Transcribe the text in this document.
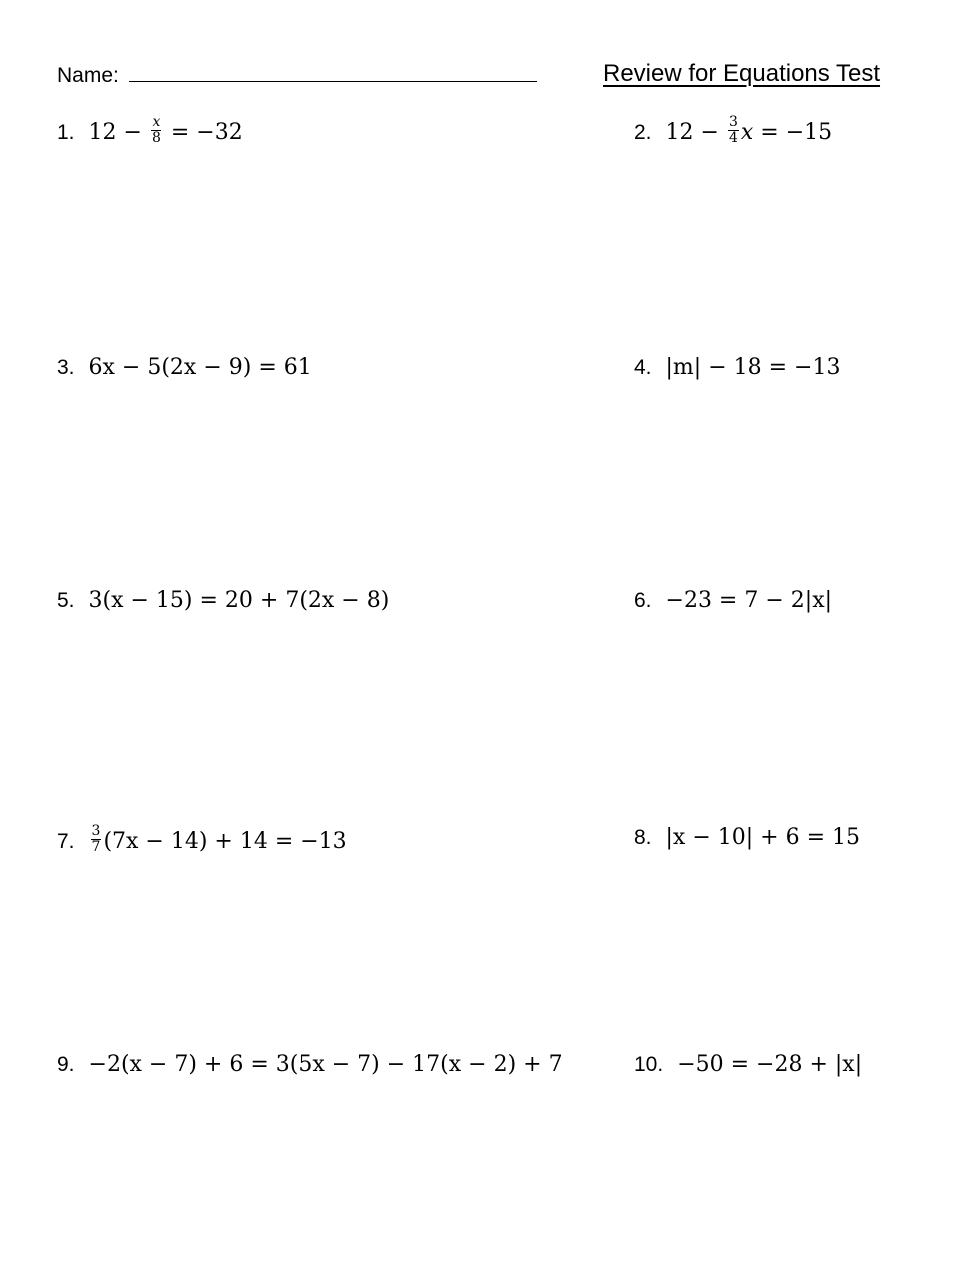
Name:	Review for Equations Test
1. $12 - \frac{x}{8} = -32$	2. $12 - \frac{3}{4}$ x = −15
3. 6x − 5(2x − 9) = 61	4. |m| − 18 = −13
5. 3(x − 15) = 20 + 7(2x − 8)	6. −23 = 7 − 2|x|
7. $\frac{3}{7} (7x - 14) + 14 = -13$	8. |x − 10| + 6 = 15
9. −2(x − 7) + 6 = 3(5x − 7) − 17(x − 2) + 7	10. −50 = −28 + |x|
